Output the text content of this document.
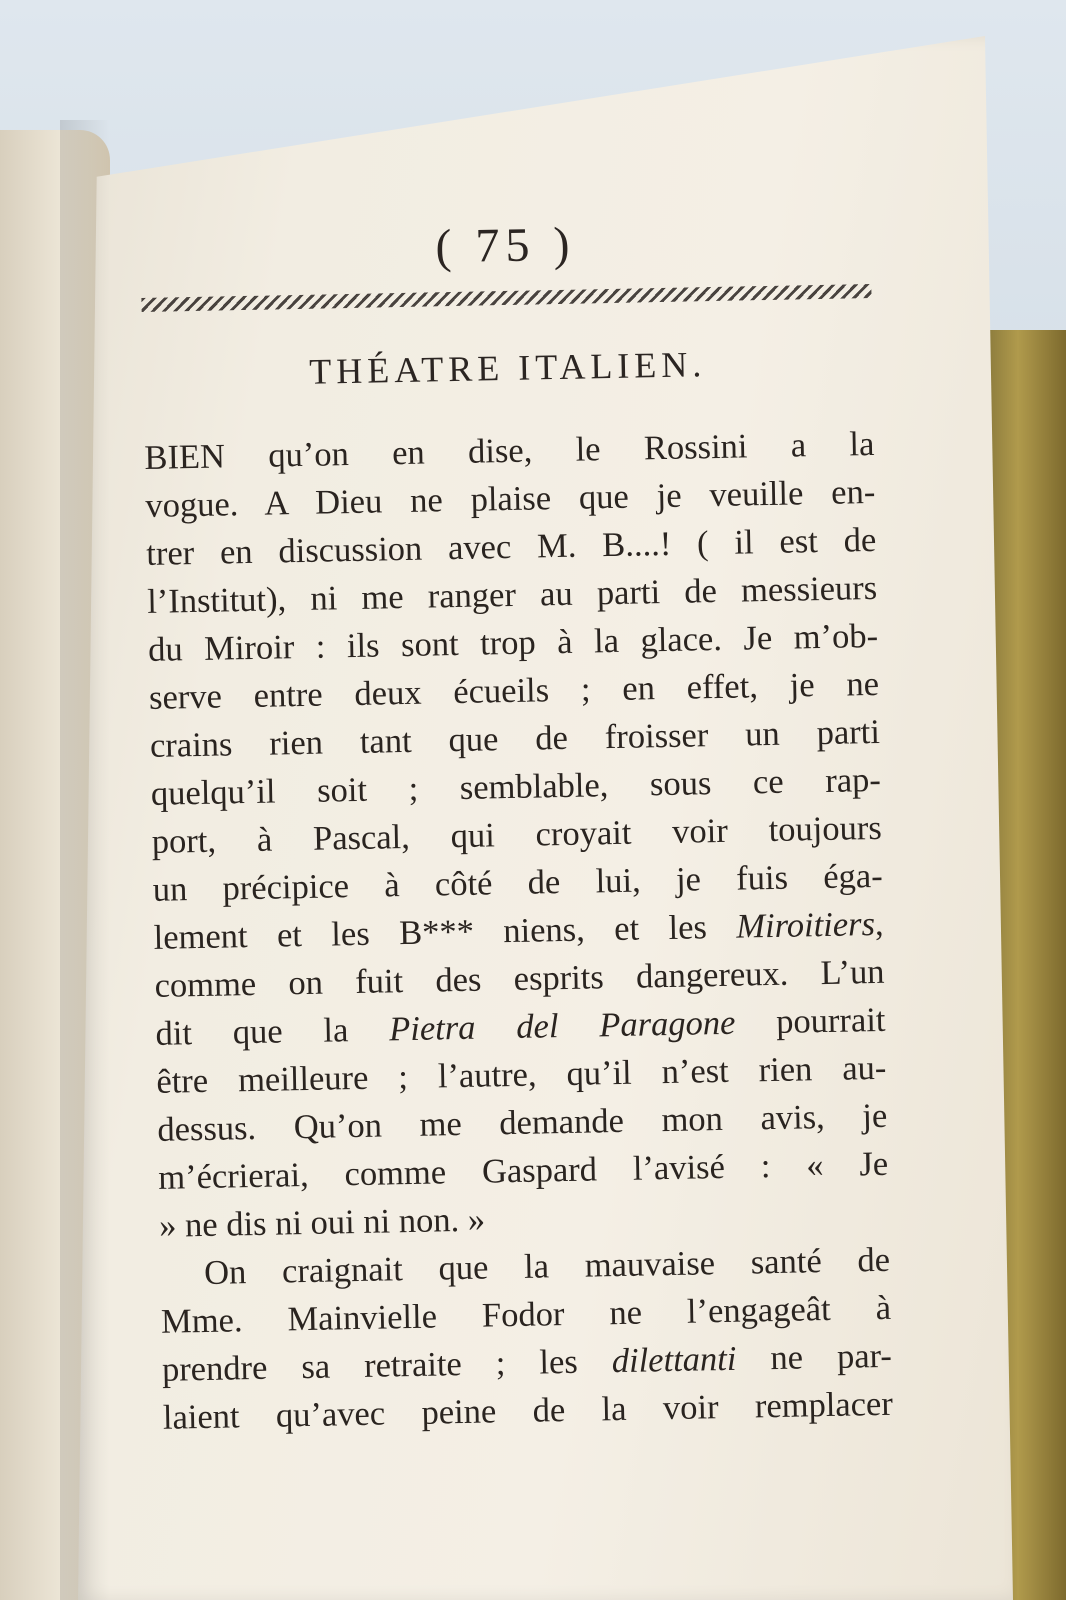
( 75 )
THÉATRE ITALIEN.

BIEN qu’on en dise, le Rossini a la

vogue. A Dieu ne plaise que je veuille en-

trer en discussion avec M. B....! ( il est de

l’Institut), ni me ranger au parti de messieurs

du Miroir : ils sont trop à la glace. Je m’ob-

serve entre deux écueils ; en effet, je ne

crains rien tant que de froisser un parti

quelqu’il soit ; semblable, sous ce rap-

port, à Pascal, qui croyait voir toujours

un précipice à côté de lui, je fuis éga-

lement et les B*** niens, et les Miroitiers,

comme on fuit des esprits dangereux. L’un

dit que la Pietra del Paragone pourrait

être meilleure ; l’autre, qu’il n’est rien au-

dessus. Qu’on me demande mon avis, je

m’écrierai, comme Gaspard l’avisé : « Je

» ne dis ni oui ni non. »

On craignait que la mauvaise santé de

Mme. Mainvielle Fodor ne l’engageât à

prendre sa retraite ; les dilettanti ne par-

laient qu’avec peine de la voir remplacer
